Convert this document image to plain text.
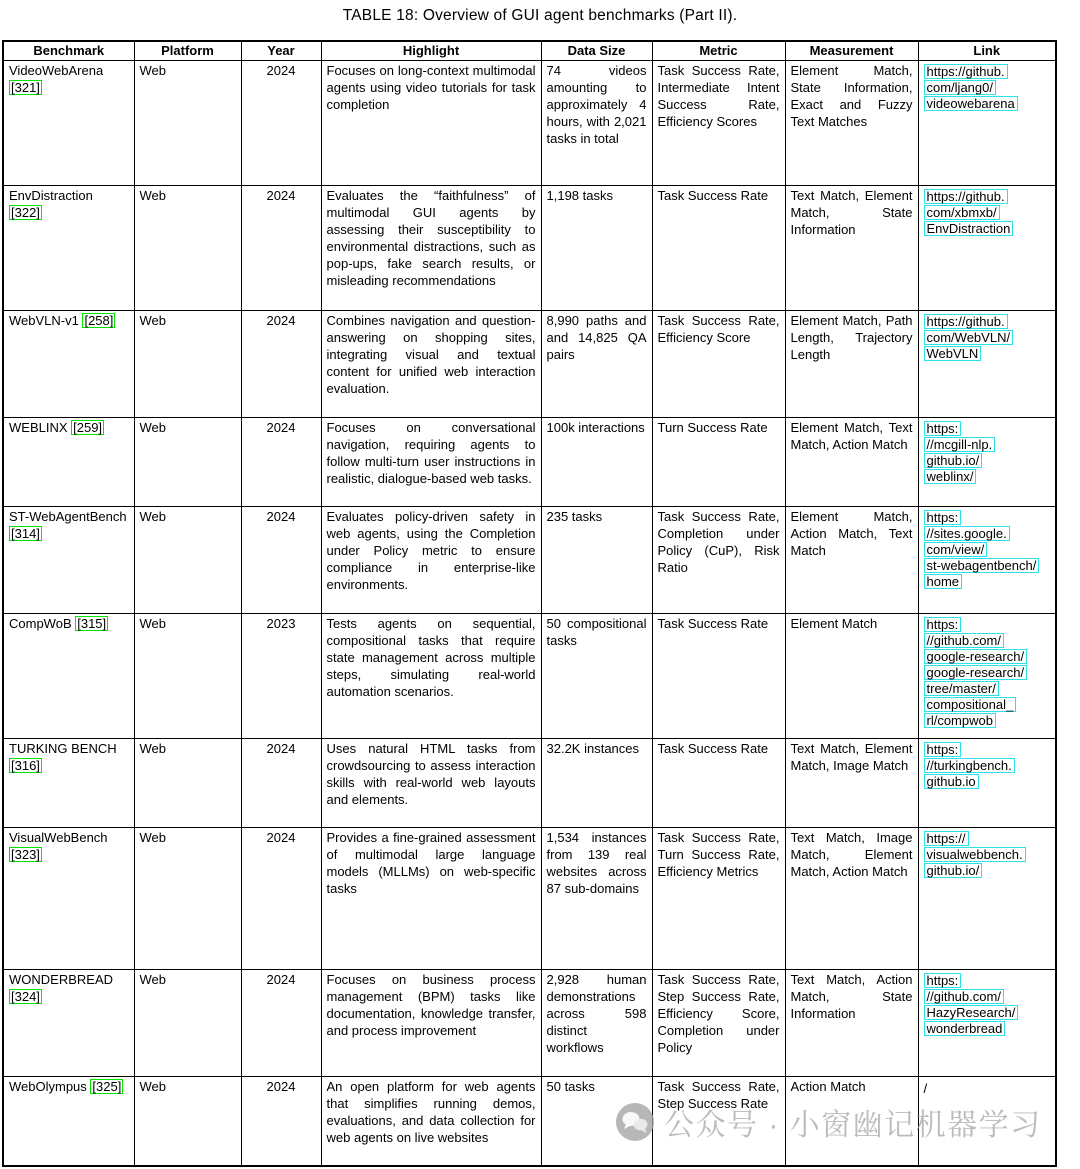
TABLE 18: Overview of GUI agent benchmarks (Part II).
Benchmark	Platform	Year	Highlight	Data Size	Metric	Measurement	Link
VideoWebArena [321]	Web	2024	Focuses on long-context multimodal agents using video tutorials for task completion	74 videos amounting to approximately 4 hours, with 2,021 tasks in total	Task Success Rate, Intermediate Intent Success Rate, Efficiency Scores	Element Match, State Information, Exact and Fuzzy Text Matches	https://github.
com/ljang0/
videowebarena

EnvDistraction [322]	Web	2024	Evaluates the “faithfulness” of multimodal GUI agents by assessing their susceptibility to environmental distractions, such as pop-ups, fake search results, or misleading recommendations	1,198 tasks	Task Success Rate	Text Match, Element Match, State Information	https://github.
com/xbmxb/
EnvDistraction

WebVLN-v1 [258]	Web	2024	Combines navigation and question-answering on shopping sites, integrating visual and textual content for unified web interaction evaluation.	8,990 paths and and 14,825 QA pairs	Task Success Rate, Efficiency Score	Element Match, Path Length, Trajectory Length	https://github.
com/WebVLN/
WebVLN

WEBLINX [259]	Web	2024	Focuses on conversational navigation, requiring agents to follow multi-turn user instructions in realistic, dialogue-based web tasks.	100k interactions	Turn Success Rate	Element Match, Text Match, Action Match	https:
//mcgill-nlp.
github.io/
weblinx/

ST-WebAgentBench [314]	Web	2024	Evaluates policy-driven safety in web agents, using the Completion under Policy metric to ensure compliance in enterprise-like environments.	235 tasks	Task Success Rate, Completion under Policy (CuP), Risk Ratio	Element Match, Action Match, Text Match	https:
//sites.google.
com/view/
st-webagentbench/
home

CompWoB [315]	Web	2023	Tests agents on sequential, compositional tasks that require state management across multiple steps, simulating real-world automation scenarios.	50 compositional tasks	Task Success Rate	Element Match	https:
//github.com/
google-research/
google-research/
tree/master/
compositional_
rl/compwob

TURKING BENCH [316]	Web	2024	Uses natural HTML tasks from crowdsourcing to assess interaction skills with real-world web layouts and elements.	32.2K instances	Task Success Rate	Text Match, Element Match, Image Match	https:
//turkingbench.
github.io

VisualWebBench [323]	Web	2024	Provides a fine-grained assessment of multimodal large language models (MLLMs) on web-specific tasks	1,534 instances from 139 real websites across 87 sub-domains	Task Success Rate, Turn Success Rate, Efficiency Metrics	Text Match, Image Match, Element Match, Action Match	https://
visualwebbench.
github.io/

WONDERBREAD [324]	Web	2024	Focuses on business process management (BPM) tasks like documentation, knowledge transfer, and process improvement	2,928 human demonstrations across 598 distinct workflows	Task Success Rate, Step Success Rate, Efficiency Score, Completion under Policy	Text Match, Action Match, State Information	https:
//github.com/
HazyResearch/
wonderbread

WebOlympus [325]	Web	2024	An open platform for web agents that simplifies running demos, evaluations, and data collection for web agents on live websites	50 tasks	Task Success Rate, Step Success Rate	Action Match	/
公众号 · 小窗幽记机器学习
